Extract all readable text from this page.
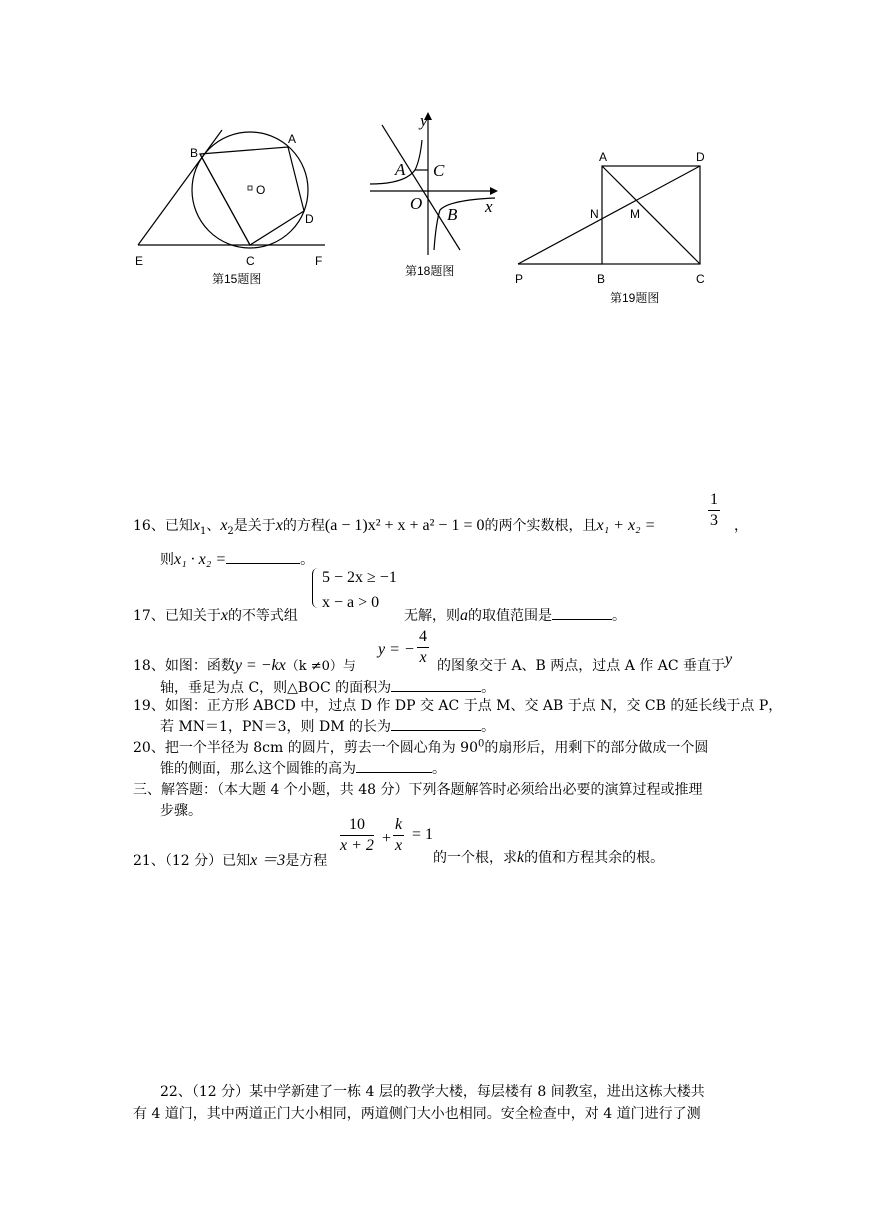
O
B
A
D
E	C	F
第15题图
y
x
O
A C
B
第18题图
A	D
N	M
P	B	C
第19题图
16、已知$x_1$、$x_2$是关于x的方程(a − 1)x² + x + a² − 1 = 0的两个实数根，且x₁ + x₂ =	$\frac{1}{3}$ ，
则x₁ · x₂ =	。
5 − 2x ≥ −1
x − a > 0
17、已知关于x的不等式组	无解，则a的取值范围是	。
18、如图：函数y = −kx（k ≠0）与
y = − $\frac{4}{x}$ 的图象交于 A、B 两点，过点 A 作 AC 垂直于y
轴，垂足为点 C，则△BOC 的面积为	。
19、如图：正方形 ABCD 中，过点 D 作 DP 交 AC 于点 M、交 AB 于点 N，交 CB 的延长线于点 P，
若 MN＝1，PN＝3，则 DM 的长为	。
20、把一个半径为 8cm 的圆片，剪去一个圆心角为 $90^0$的扇形后，用剩下的部分做成一个圆
锥的侧面，那么这个圆锥的高为	。
三、解答题：（本大题 4 个小题，共 48 分）下列各题解答时必须给出必要的演算过程或推理
步骤。
21、（12 分）已知x ＝3是方程
$\frac{10}{x + 2} + \frac{k}{x} = 1$
的一个根，求k的值和方程其余的根。
22、（12 分）某中学新建了一栋 4 层的教学大楼，每层楼有 8 间教室，进出这栋大楼共
有 4 道门，其中两道正门大小相同，两道侧门大小也相同。安全检查中，对 4 道门进行了测
